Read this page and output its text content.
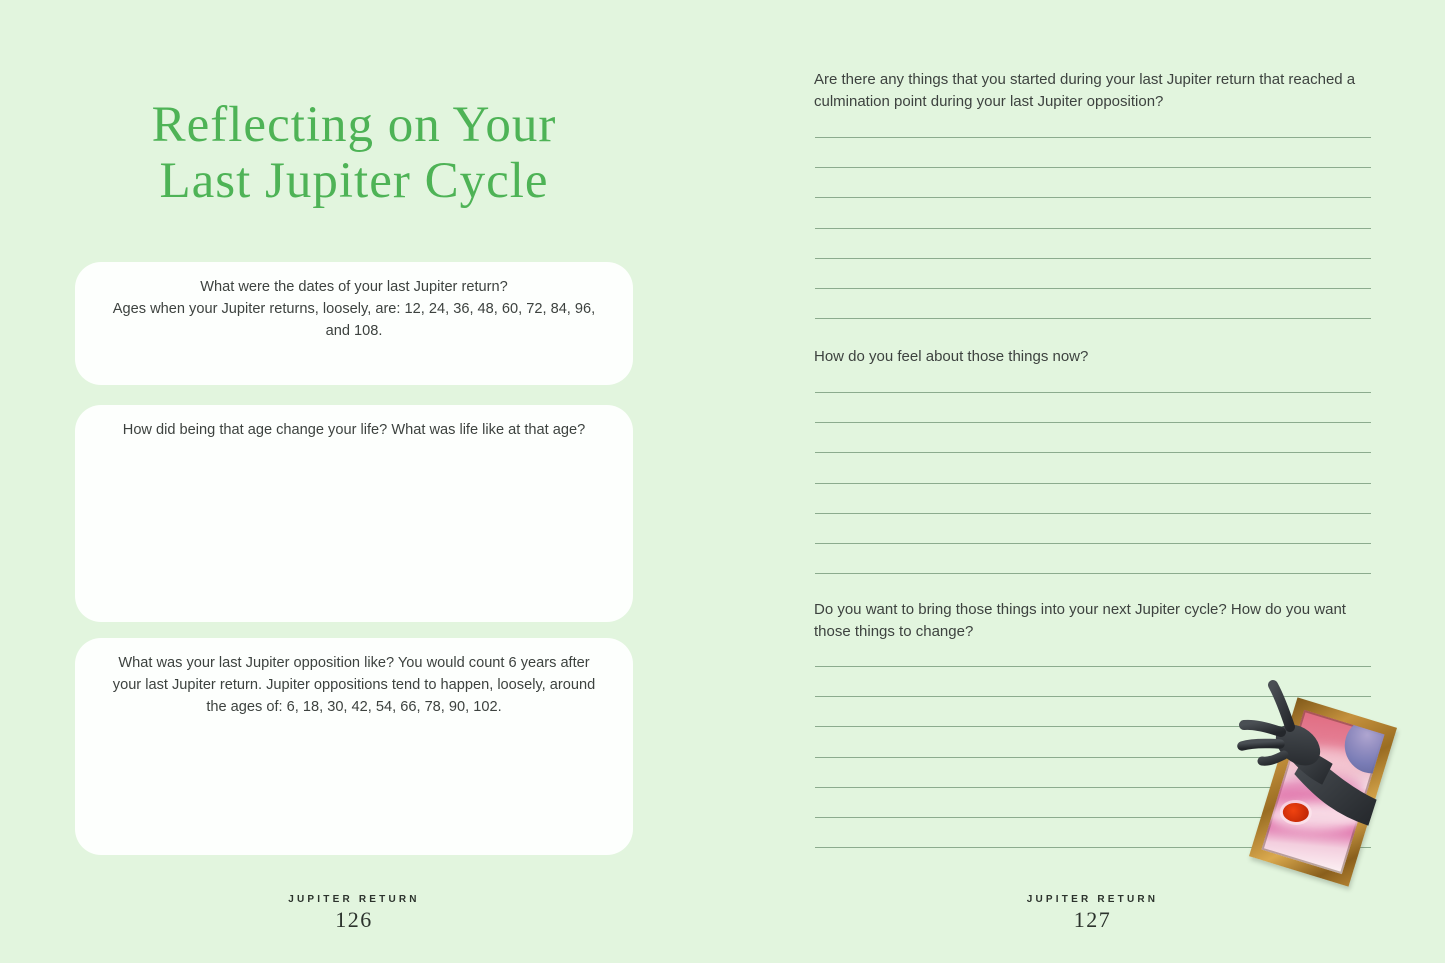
Reflecting on Your
Last Jupiter Cycle

What were the dates of your last Jupiter return?

Ages when your Jupiter returns, loosely, are: 12, 24, 36, 48, 60, 72, 84, 96, and 108.

How did being that age change your life? What was life like at that age?

What was your last Jupiter opposition like? You would count 6 years after your last Jupiter return. Jupiter oppositions tend to happen, loosely, around the ages of: 6, 18, 30, 42, 54, 66, 78, 90, 102.

JUPITER RETURN
126

Are there any things that you started during your last Jupiter return that reached a culmination point during your last Jupiter opposition?

How do you feel about those things now?

Do you want to bring those things into your next Jupiter cycle? How do you want those things to change?

JUPITER RETURN
127
